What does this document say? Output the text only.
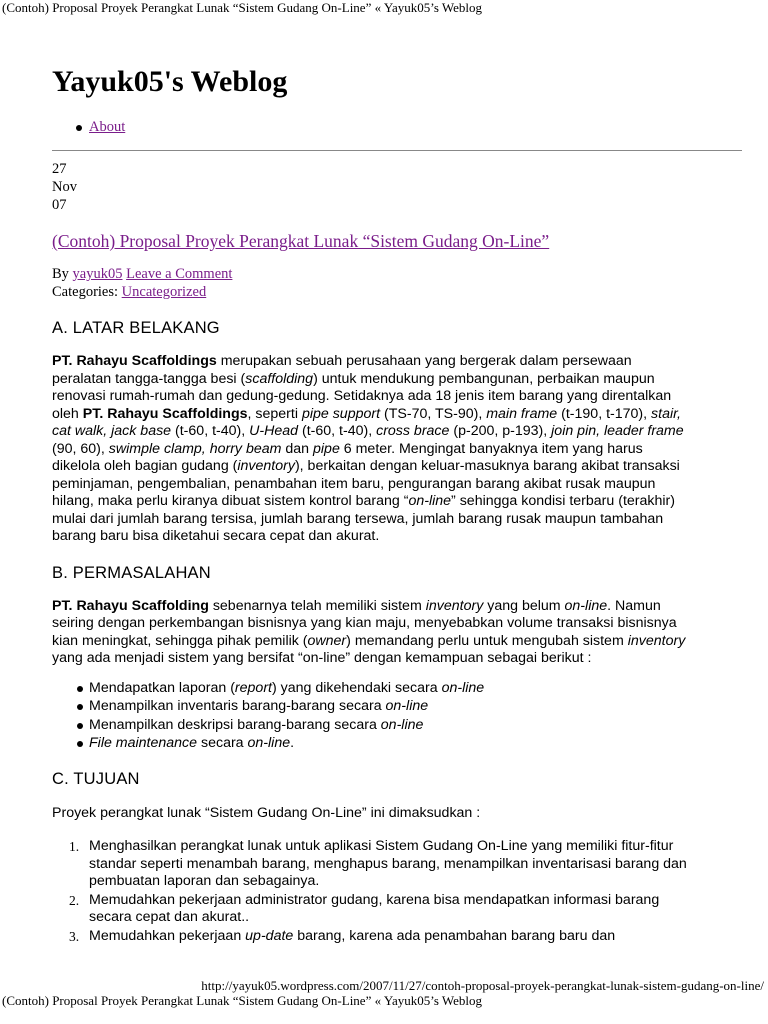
(Contoh) Proposal Proyek Perangkat Lunak “Sistem Gudang On-Line” « Yayuk05’s Weblog
Yayuk05's Weblog
About
27
Nov
07
(Contoh) Proposal Proyek Perangkat Lunak “Sistem Gudang On-Line”
By yayuk05 Leave a Comment
Categories: Uncategorized
A. LATAR BELAKANG

PT. Rahayu Scaffoldings merupakan sebuah perusahaan yang bergerak dalam persewaan
peralatan tangga-tangga besi (scaffolding) untuk mendukung pembangunan, perbaikan maupun
renovasi rumah-rumah dan gedung-gedung. Setidaknya ada 18 jenis item barang yang direntalkan
oleh PT. Rahayu Scaffoldings, seperti pipe support (TS-70, TS-90), main frame (t-190, t-170), stair,
cat walk, jack base (t-60, t-40), U-Head (t-60, t-40), cross brace (p-200, p-193), join pin, leader frame
(90, 60), swimple clamp, horry beam dan pipe 6 meter. Mengingat banyaknya item yang harus
dikelola oleh bagian gudang (inventory), berkaitan dengan keluar-masuknya barang akibat transaksi
peminjaman, pengembalian, penambahan item baru, pengurangan barang akibat rusak maupun
hilang, maka perlu kiranya dibuat sistem kontrol barang “on-line” sehingga kondisi terbaru (terakhir)
mulai dari jumlah barang tersisa, jumlah barang tersewa, jumlah barang rusak maupun tambahan
barang baru bisa diketahui secara cepat dan akurat.

B. PERMASALAHAN

PT. Rahayu Scaffolding sebenarnya telah memiliki sistem inventory yang belum on-line. Namun
seiring dengan perkembangan bisnisnya yang kian maju, menyebabkan volume transaksi bisnisnya
kian meningkat, sehingga pihak pemilik (owner) memandang perlu untuk mengubah sistem inventory
yang ada menjadi sistem yang bersifat “on-line” dengan kemampuan sebagai berikut :

Mendapatkan laporan (report) yang dikehendaki secara on-line
Menampilkan inventaris barang-barang secara on-line
Menampilkan deskripsi barang-barang secara on-line
File maintenance secara on-line.
C. TUJUAN

Proyek perangkat lunak “Sistem Gudang On-Line” ini dimaksudkan :

1. Menghasilkan perangkat lunak untuk aplikasi Sistem Gudang On-Line yang memiliki fitur-fitur
standar seperti menambah barang, menghapus barang, menampilkan inventarisasi barang dan
pembuatan laporan dan sebagainya.
2. Memudahkan pekerjaan administrator gudang, karena bisa mendapatkan informasi barang
secara cepat dan akurat..
3. Memudahkan pekerjaan up-date barang, karena ada penambahan barang baru dan
http://yayuk05.wordpress.com/2007/11/27/contoh-proposal-proyek-perangkat-lunak-sistem-gudang-on-line/
(Contoh) Proposal Proyek Perangkat Lunak “Sistem Gudang On-Line” « Yayuk05’s Weblog
